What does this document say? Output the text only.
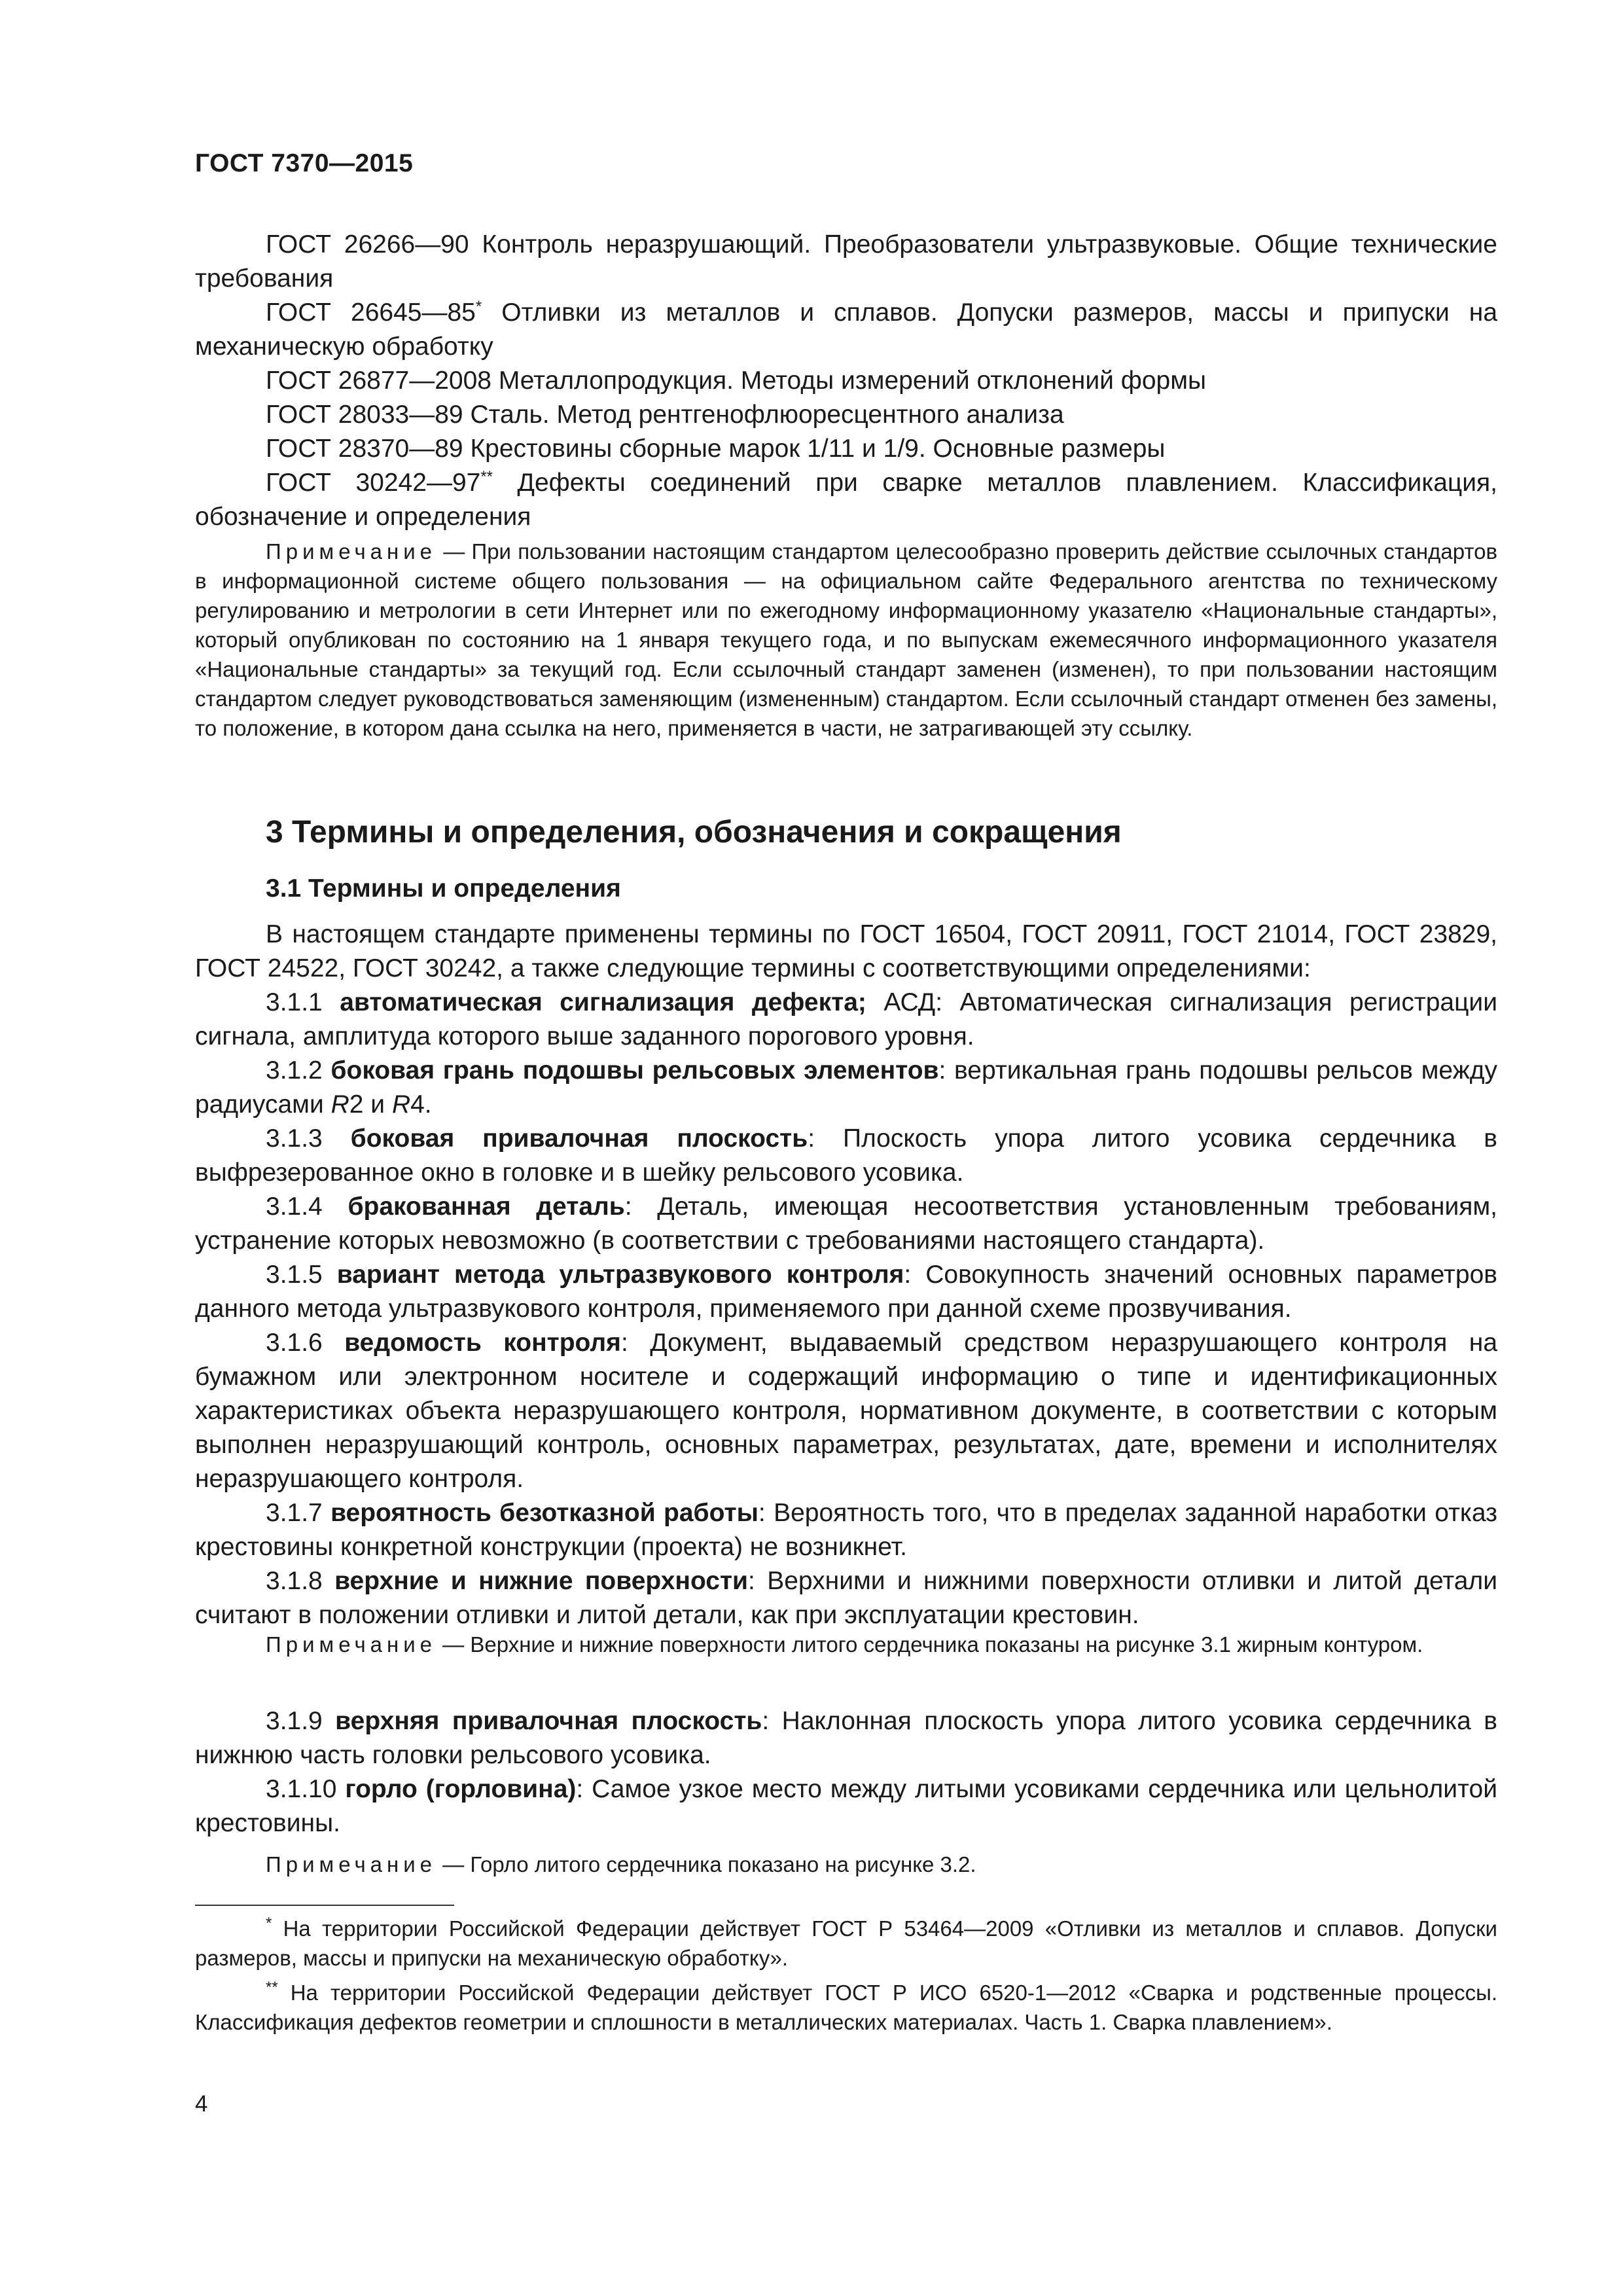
ГОСТ 7370—2015

ГОСТ 26266—90 Контроль неразрушающий. Преобразователи ультразвуковые. Общие технические требования

ГОСТ 26645—85* Отливки из металлов и сплавов. Допуски размеров, массы и припуски на механическую обработку

ГОСТ 26877—2008 Металлопродукция. Методы измерений отклонений формы

ГОСТ 28033—89 Сталь. Метод рентгенофлюоресцентного анализа

ГОСТ 28370—89 Крестовины сборные марок 1/11 и 1/9. Основные размеры

ГОСТ 30242—97** Дефекты соединений при сварке металлов плавлением. Классификация, обозначение и определения

Примечание — При пользовании настоящим стандартом целесообразно проверить действие ссылочных стандартов в информационной системе общего пользования — на официальном сайте Федерального агентства по техническому регулированию и метрологии в сети Интернет или по ежегодному информационному указателю «Национальные стандарты», который опубликован по состоянию на 1 января текущего года, и по выпускам ежемесячного информационного указателя «Национальные стандарты» за текущий год. Если ссылочный стандарт заменен (изменен), то при пользовании настоящим стандартом следует руководствоваться заменяющим (измененным) стандартом. Если ссылочный стандарт отменен без замены, то положение, в котором дана ссылка на него, применяется в части, не затрагивающей эту ссылку.

3 Термины и определения, обозначения и сокращения
3.1 Термины и определения

В настоящем стандарте применены термины по ГОСТ 16504, ГОСТ 20911, ГОСТ 21014, ГОСТ 23829, ГОСТ 24522, ГОСТ 30242, а также следующие термины с соответствующими определениями:

3.1.1 автоматическая сигнализация дефекта; АСД: Автоматическая сигнализация регистрации сигнала, амплитуда которого выше заданного порогового уровня.

3.1.2 боковая грань подошвы рельсовых элементов: вертикальная грань подошвы рельсов между радиусами R2 и R4.

3.1.3 боковая привалочная плоскость: Плоскость упора литого усовика сердечника в выфрезерованное окно в головке и в шейку рельсового усовика.

3.1.4 бракованная деталь: Деталь, имеющая несоответствия установленным требованиям, устранение которых невозможно (в соответствии с требованиями настоящего стандарта).

3.1.5 вариант метода ультразвукового контроля: Совокупность значений основных параметров данного метода ультразвукового контроля, применяемого при данной схеме прозвучивания.

3.1.6 ведомость контроля: Документ, выдаваемый средством неразрушающего контроля на бумажном или электронном носителе и содержащий информацию о типе и идентификационных характеристиках объекта неразрушающего контроля, нормативном документе, в соответствии с которым выполнен неразрушающий контроль, основных параметрах, результатах, дате, времени и исполнителях неразрушающего контроля.

3.1.7 вероятность безотказной работы: Вероятность того, что в пределах заданной наработки отказ крестовины конкретной конструкции (проекта) не возникнет.

3.1.8 верхние и нижние поверхности: Верхними и нижними поверхности отливки и литой детали считают в положении отливки и литой детали, как при эксплуатации крестовин.

Примечание — Верхние и нижние поверхности литого сердечника показаны на рисунке 3.1 жирным контуром.

3.1.9 верхняя привалочная плоскость: Наклонная плоскость упора литого усовика сердечника в нижнюю часть головки рельсового усовика.

3.1.10 горло (горловина): Самое узкое место между литыми усовиками сердечника или цельнолитой крестовины.

Примечание — Горло литого сердечника показано на рисунке 3.2.

* На территории Российской Федерации действует ГОСТ Р 53464—2009 «Отливки из металлов и сплавов. Допуски размеров, массы и припуски на механическую обработку».

** На территории Российской Федерации действует ГОСТ Р ИСО 6520-1—2012 «Сварка и родственные процессы. Классификация дефектов геометрии и сплошности в металлических материалах. Часть 1. Сварка плавлением».

4
